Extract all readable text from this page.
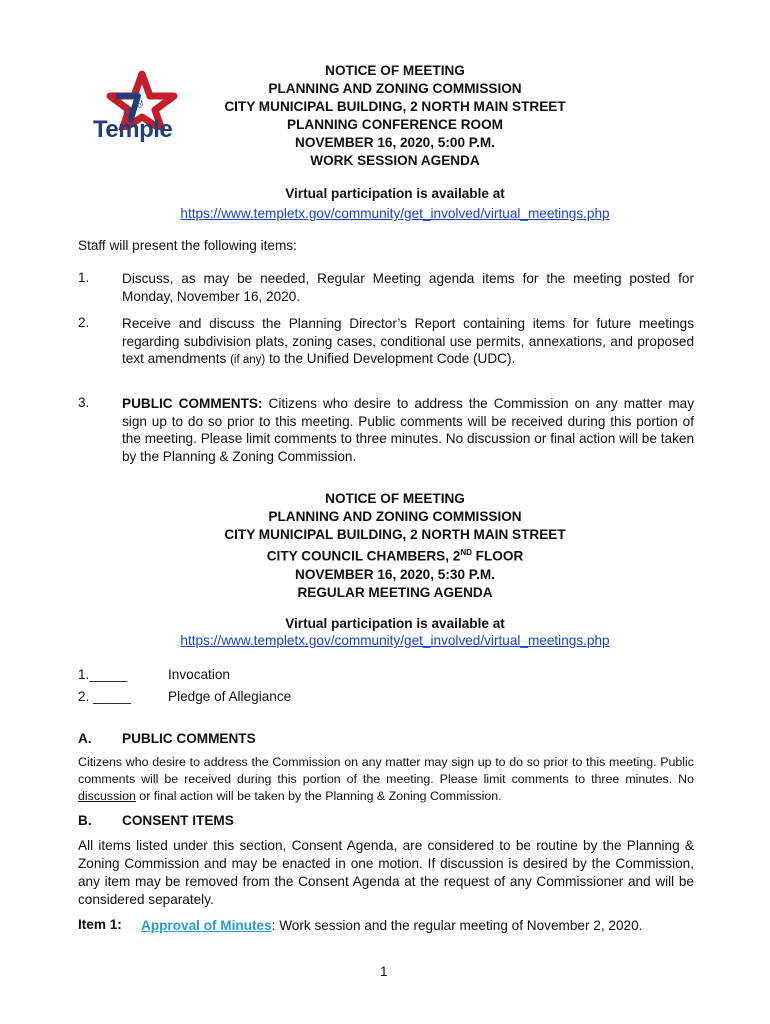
City of
Temple
NOTICE OF MEETING
PLANNING AND ZONING COMMISSION
CITY MUNICIPAL BUILDING, 2 NORTH MAIN STREET
PLANNING CONFERENCE ROOM
NOVEMBER 16, 2020, 5:00 P.M.
WORK SESSION AGENDA
Virtual participation is available at
https://www.templetx.gov/community/get_involved/virtual_meetings.php
Staff will present the following items:
1. Discuss, as may be needed, Regular Meeting agenda items for the meeting posted for Monday, November 16, 2020.
2. Receive and discuss the Planning Director’s Report containing items for future meetings regarding subdivision plats, zoning cases, conditional use permits, annexations, and proposed text amendments (if any) to the Unified Development Code (UDC).
3. PUBLIC COMMENTS: Citizens who desire to address the Commission on any matter may sign up to do so prior to this meeting. Public comments will be received during this portion of the meeting. Please limit comments to three minutes. No discussion or final action will be taken by the Planning & Zoning Commission.
NOTICE OF MEETING
PLANNING AND ZONING COMMISSION
CITY MUNICIPAL BUILDING, 2 NORTH MAIN STREET
CITY COUNCIL CHAMBERS, 2ND FLOOR
NOVEMBER 16, 2020, 5:30 P.M.
REGULAR MEETING AGENDA
Virtual participation is available at
https://www.templetx.gov/community/get_involved/virtual_meetings.php
1._____	Invocation
2. _____	Pledge of Allegiance
A. PUBLIC COMMENTS
Citizens who desire to address the Commission on any matter may sign up to do so prior to this meeting. Public comments will be received during this portion of the meeting. Please limit comments to three minutes. No discussion or final action will be taken by the Planning & Zoning Commission.
B. CONSENT ITEMS
All items listed under this section, Consent Agenda, are considered to be routine by the Planning & Zoning Commission and may be enacted in one motion. If discussion is desired by the Commission, any item may be removed from the Consent Agenda at the request of any Commissioner and will be considered separately.
Item 1: Approval of Minutes: Work session and the regular meeting of November 2, 2020.
1
